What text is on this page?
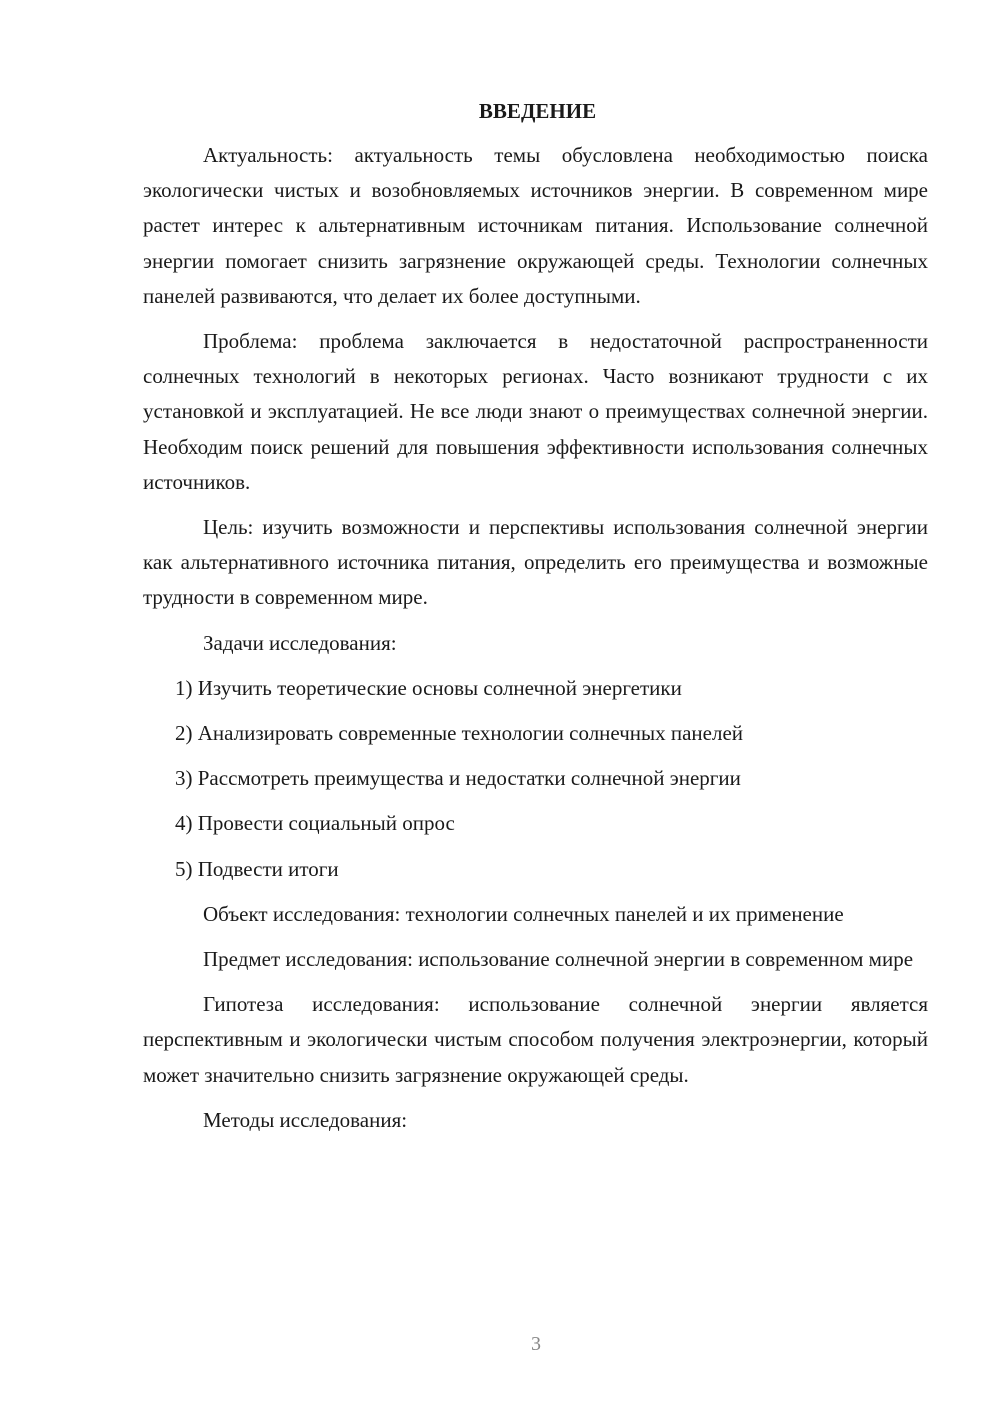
ВВЕДЕНИЕ

Актуальность: актуальность темы обусловлена необходимостью поиска экологически чистых и возобновляемых источников энергии. В современном мире растет интерес к альтернативным источникам питания. Использование солнечной энергии помогает снизить загрязнение окружающей среды. Технологии солнечных панелей развиваются, что делает их более доступными.

Проблема: проблема заключается в недостаточной распространенности солнечных технологий в некоторых регионах. Часто возникают трудности с их установкой и эксплуатацией. Не все люди знают о преимуществах солнечной энергии. Необходим поиск решений для повышения эффективности использования солнечных источников.

Цель: изучить возможности и перспективы использования солнечной энергии как альтернативного источника питания, определить его преимущества и возможные трудности в современном мире.

Задачи исследования:

1) Изучить теоретические основы солнечной энергетики
2) Анализировать современные технологии солнечных панелей
3) Рассмотреть преимущества и недостатки солнечной энергии
4) Провести социальный опрос
5) Подвести итоги

Объект исследования: технологии солнечных панелей и их применение

Предмет исследования: использование солнечной энергии в современном мире

Гипотеза исследования: использование солнечной энергии является перспективным и экологически чистым способом получения электроэнергии, который может значительно снизить загрязнение окружающей среды.

Методы исследования:

3
